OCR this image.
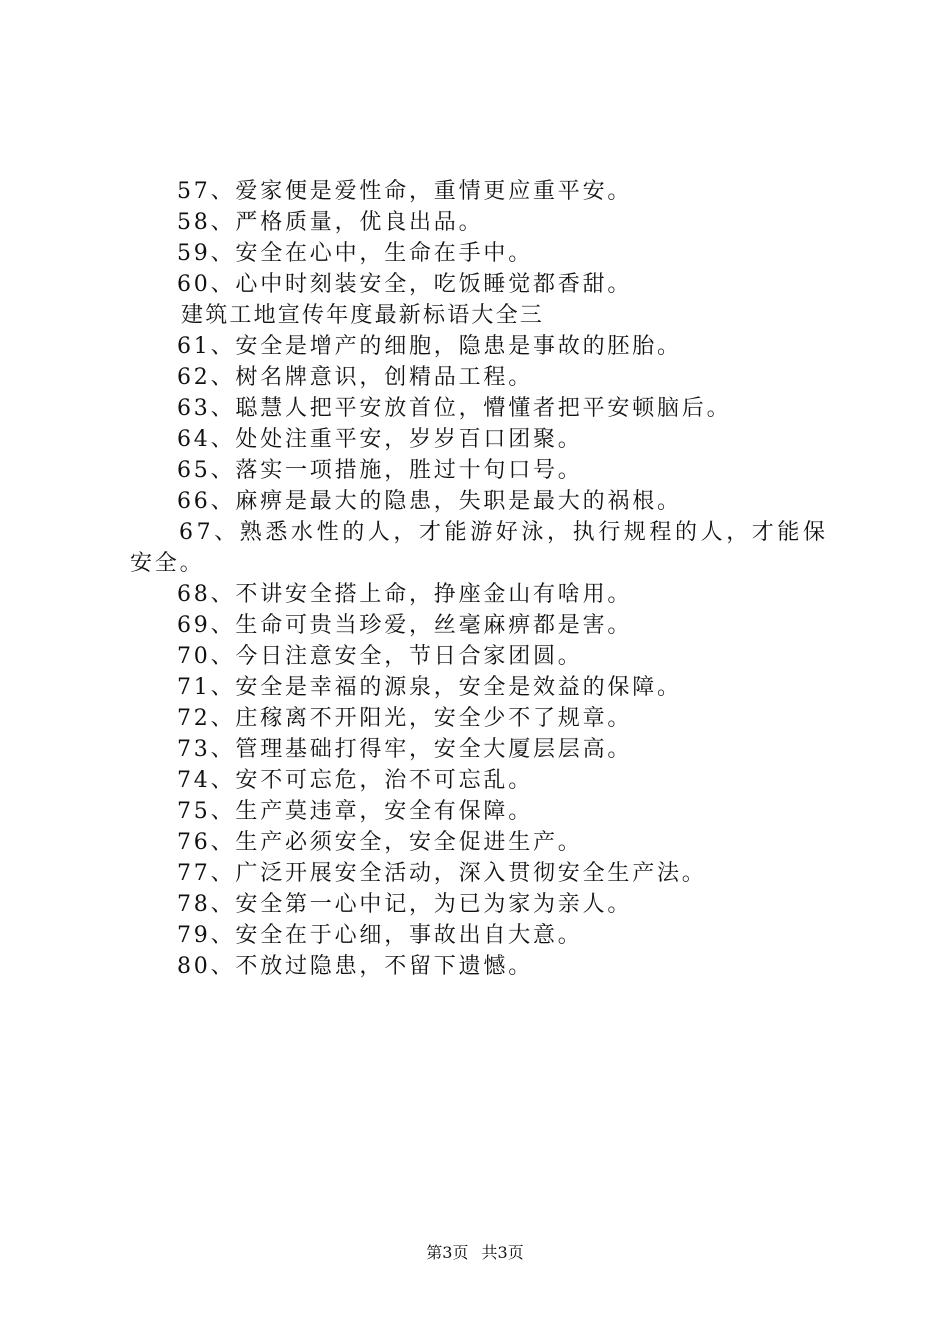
57、爱家便是爱性命，重情更应重平安。
58、严格质量，优良出品。
59、安全在心中，生命在手中。
60、心中时刻装安全，吃饭睡觉都香甜。
建筑工地宣传年度最新标语大全三
61、安全是增产的细胞，隐患是事故的胚胎。
62、树名牌意识，创精品工程。
63、聪慧人把平安放首位，懵懂者把平安顿脑后。
64、处处注重平安，岁岁百口团聚。
65、落实一项措施，胜过十句口号。
66、麻痹是最大的隐患，失职是最大的祸根。
67、熟悉水性的人，才能游好泳，执行规程的人，才能保
安全。
68、不讲安全搭上命，挣座金山有啥用。
69、生命可贵当珍爱，丝毫麻痹都是害。
70、今日注意安全，节日合家团圆。
71、安全是幸福的源泉，安全是效益的保障。
72、庄稼离不开阳光，安全少不了规章。
73、管理基础打得牢，安全大厦层层高。
74、安不可忘危，治不可忘乱。
75、生产莫违章，安全有保障。
76、生产必须安全，安全促进生产。
77、广泛开展安全活动，深入贯彻安全生产法。
78、安全第一心中记，为已为家为亲人。
79、安全在于心细，事故出自大意。
80、不放过隐患，不留下遗憾。
第3页 共3页
